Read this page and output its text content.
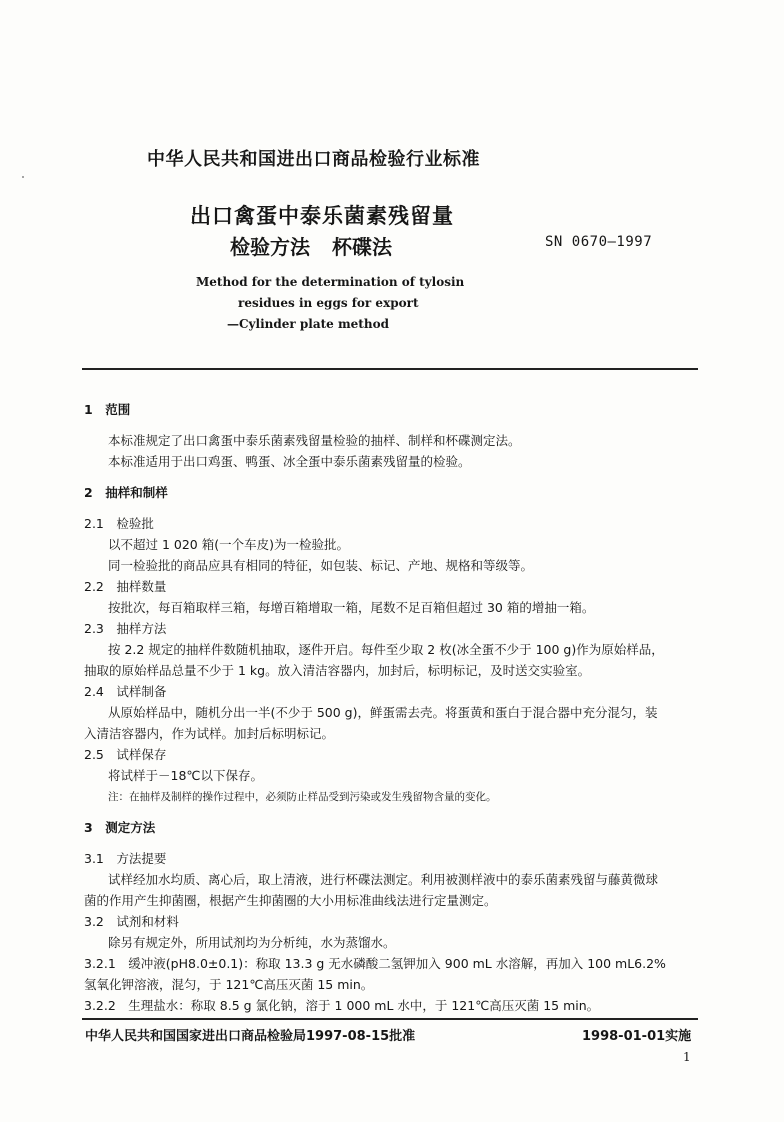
中华人民共和国进出口商品检验行业标准
出口禽蛋中泰乐菌素残留量
检验方法 杯碟法	SN 0670—1997
Method for the determination of tylosin
residues in eggs for export
—Cylinder plate method
1　范围
本标准规定了出口禽蛋中泰乐菌素残留量检验的抽样、制样和杯碟测定法。
本标准适用于出口鸡蛋、鸭蛋、冰全蛋中泰乐菌素残留量的检验。
2　抽样和制样
2.1　检验批
以不超过 1 020 箱(一个车皮)为一检验批。
同一检验批的商品应具有相同的特征，如包装、标记、产地、规格和等级等。
2.2　抽样数量
按批次，每百箱取样三箱，每增百箱增取一箱，尾数不足百箱但超过 30 箱的增抽一箱。
2.3　抽样方法
按 2.2 规定的抽样件数随机抽取，逐件开启。每件至少取 2 枚(冰全蛋不少于 100 g)作为原始样品，
抽取的原始样品总量不少于 1 kg。放入清洁容器内，加封后，标明标记，及时送交实验室。
2.4　试样制备
从原始样品中，随机分出一半(不少于 500 g)，鲜蛋需去壳。将蛋黄和蛋白于混合器中充分混匀，装
入清洁容器内，作为试样。加封后标明标记。
2.5　试样保存
将试样于－18℃以下保存。
注：在抽样及制样的操作过程中，必须防止样品受到污染或发生残留物含量的变化。
3　测定方法
3.1　方法提要
试样经加水均质、离心后，取上清液，进行杯碟法测定。利用被测样液中的泰乐菌素残留与藤黄微球
菌的作用产生抑菌圈，根据产生抑菌圈的大小用标准曲线法进行定量测定。
3.2　试剂和材料
除另有规定外，所用试剂均为分析纯，水为蒸馏水。
3.2.1　缓冲液(pH8.0±0.1)：称取 13.3 g 无水磷酸二氢钾加入 900 mL 水溶解，再加入 100 mL6.2%
氢氧化钾溶液，混匀，于 121℃高压灭菌 15 min。
3.2.2　生理盐水：称取 8.5 g 氯化钠，溶于 1 000 mL 水中，于 121℃高压灭菌 15 min。
中华人民共和国国家进出口商品检验局1997-08-15批准	1998-01-01实施
1
